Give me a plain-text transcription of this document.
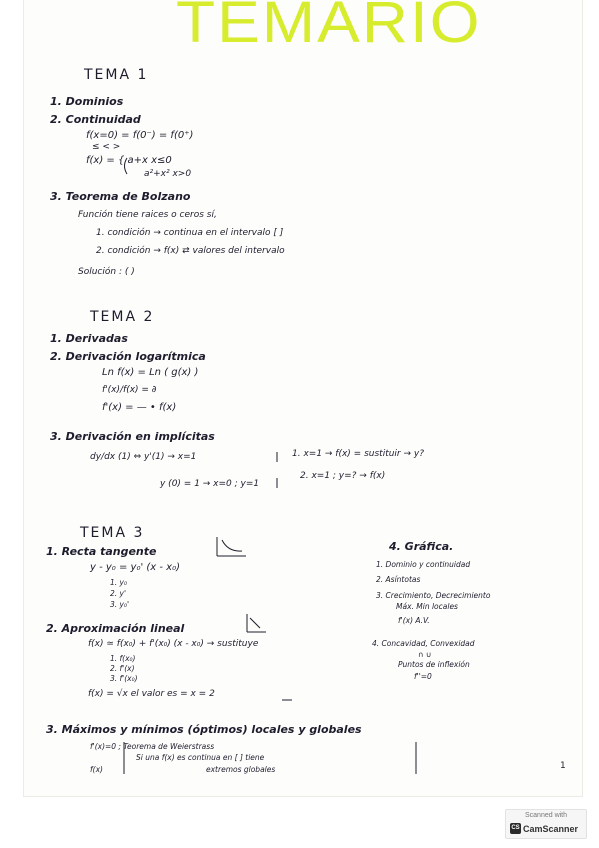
TEMARIO
TEMA 1
1. Dominios
2. Continuidad
f(x=0) = f(0⁻) = f(0⁺)
≤ < >
f(x) = { a+x x≤0
a²+x² x>0
3. Teorema de Bolzano
Función tiene raices o ceros sí,
1. condición → continua en el intervalo [ ]
2. condición → f(x) ⇄ valores del intervalo
Solución : ( )
TEMA 2
1. Derivadas
2. Derivación logarítmica
Ln f(x) = Ln ( g(x) )
f'(x)/f(x) = ∂
f'(x) = — • f(x)
3. Derivación en implícitas
dy/dx (1) ⇔ y'(1) → x=1
y (0) = 1 → x=0 ; y=1
1. x=1 → f(x) = sustituir → y?
2. x=1 ; y=? → f(x)
TEMA 3
1. Recta tangente
y - y₀ = y₀' (x - x₀)
1. y₀
2. y'
3. y₀'
2. Aproximación lineal
f(x) ≃ f(x₀) + f'(x₀) (x - x₀) → sustituye
1. f(x₀)
2. f'(x)
3. f'(x₀)
f(x) = √x el valor es = x = 2
4. Gráfica.
1. Dominio y continuidad
2. Asíntotas
3. Crecimiento, Decrecimiento
Máx. Min locales
f'(x) A.V.
4. Concavidad, Convexidad
∩ ∪
Puntos de inflexión
f''=0
3. Máximos y mínimos (óptimos) locales y globales
f'(x)=0 ; Teorema de Weierstrass
Si una f(x) es continua en [ ] tiene
extremos globales
f(x)	1
Scanned with
CS CamScanner
